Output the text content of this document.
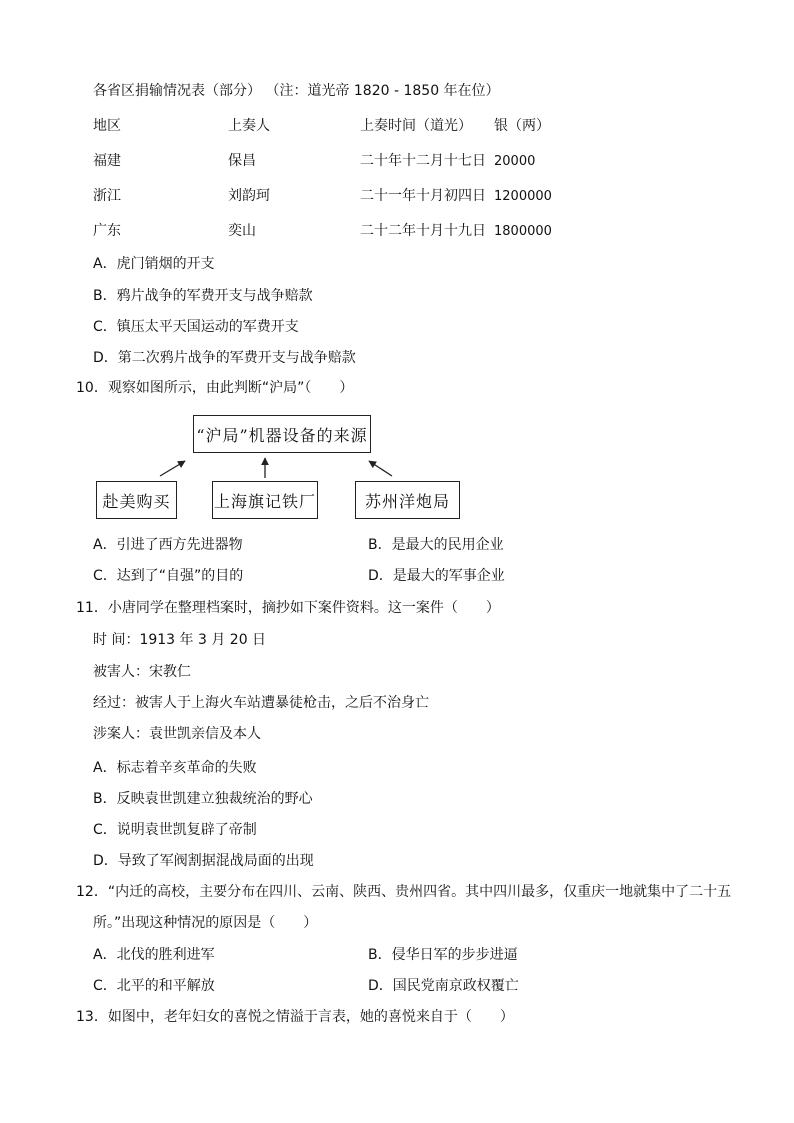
各省区捐输情况表（部分） （注：道光帝 1820 - 1850 年在位）
地区	上奏人	上奏时间（道光） 银（两）
福建	保昌	二十年十二月十七日 20000
浙江	刘韵珂	二十一年十月初四日 1200000
广东	奕山	二十二年十月十九日 1800000
A．虎门销烟的开支
B．鸦片战争的军费开支与战争赔款
C．镇压太平天国运动的军费开支
D．第二次鸦片战争的军费开支与战争赔款
10．观察如图所示，由此判断“沪局”（　　）
“沪局”机器设备的来源
赴美购买	上海旗记铁厂	苏州洋炮局
A．引进了西方先进器物	B．是最大的民用企业
C．达到了“自强”的目的	D．是最大的军事企业
11．小唐同学在整理档案时，摘抄如下案件资料。这一案件（　　）
时 间：1913 年 3 月 20 日
被害人：宋教仁
经过：被害人于上海火车站遭暴徒枪击，之后不治身亡
涉案人：袁世凯亲信及本人
A．标志着辛亥革命的失败
B．反映袁世凯建立独裁统治的野心
C．说明袁世凯复辟了帝制
D．导致了军阀割据混战局面的出现
12．“内迁的高校，主要分布在四川、云南、陕西、贵州四省。其中四川最多，仅重庆一地就集中了二十五
所。”出现这种情况的原因是（　　）
A．北伐的胜利进军	B．侵华日军的步步进逼
C．北平的和平解放	D．国民党南京政权覆亡
13．如图中，老年妇女的喜悦之情溢于言表，她的喜悦来自于（　　）
